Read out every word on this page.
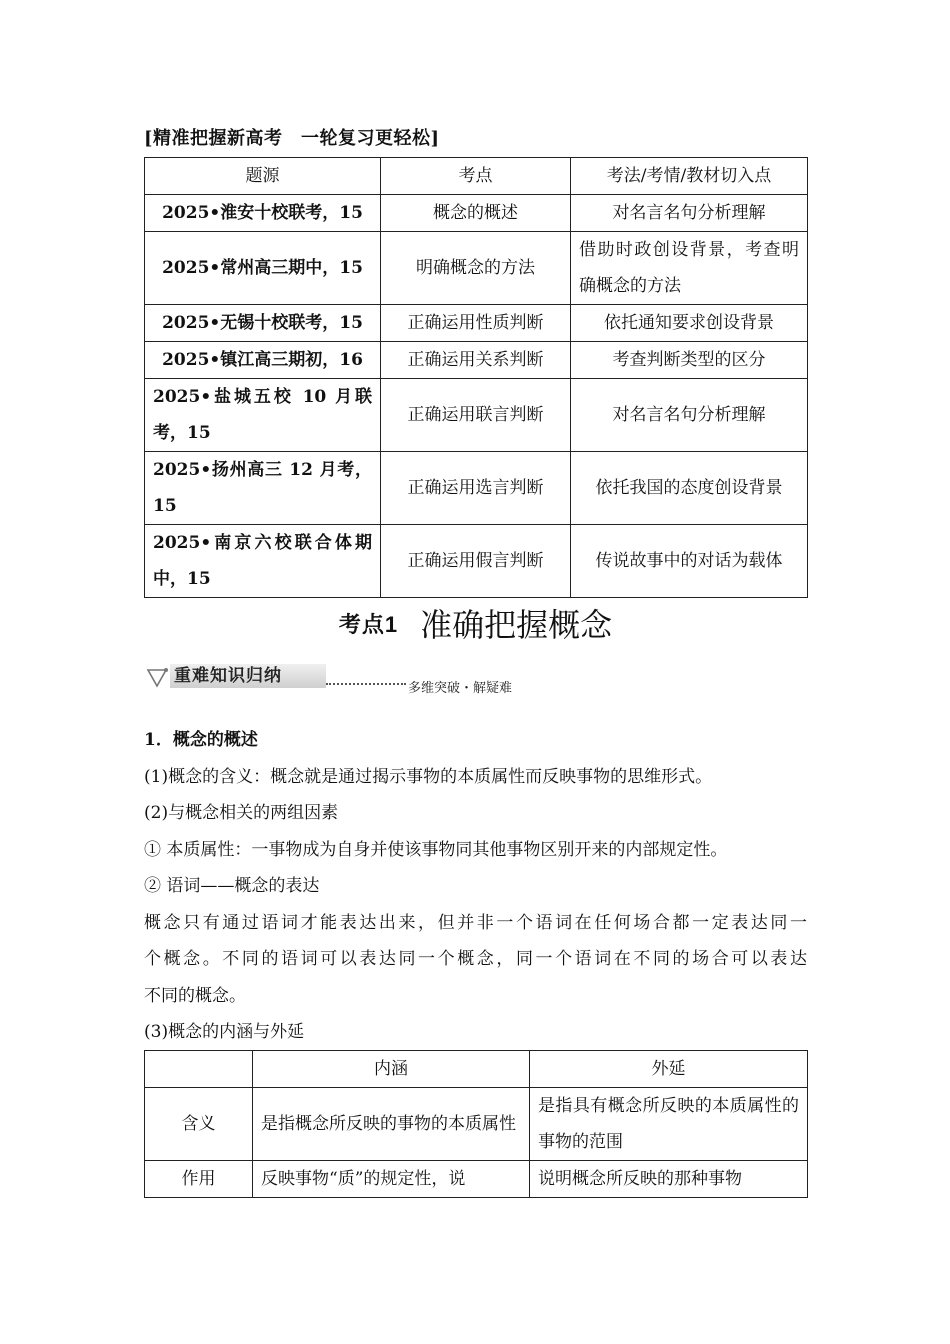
[精准把握新高考　一轮复习更轻松]
题源	考点	考法/考情/教材切入点
2025•淮安十校联考，15	概念的概述	对名言名句分析理解
2025•常州高三期中，15	明确概念的方法	借助时政创设背景，考查明确概念的方法
2025•无锡十校联考，15	正确运用性质判断	依托通知要求创设背景
2025•镇江高三期初，16	正确运用关系判断	考查判断类型的区分
2025•盐城五校 10 月联考，15	正确运用联言判断	对名言名句分析理解
2025•扬州高三 12 月考，15	正确运用选言判断	依托我国的态度创设背景
2025•南京六校联合体期中，15	正确运用假言判断	传说故事中的对话为载体
考点1 准确把握概念
重难知识归纳
多维突破・解疑难

1．概念的概述

(1)概念的含义：概念就是通过揭示事物的本质属性而反映事物的思维形式。

(2)与概念相关的两组因素

① 本质属性：一事物成为自身并使该事物同其他事物区别开来的内部规定性。

② 语词——概念的表达

概念只有通过语词才能表达出来，但并非一个语词在任何场合都一定表达同一

个概念。不同的语词可以表达同一个概念，同一个语词在不同的场合可以表达

不同的概念。

(3)概念的内涵与外延

	内涵	外延
含义	是指概念所反映的事物的本质属性	是指具有概念所反映的本质属性的事物的范围
作用	反映事物“质”的规定性，说	说明概念所反映的那种事物
